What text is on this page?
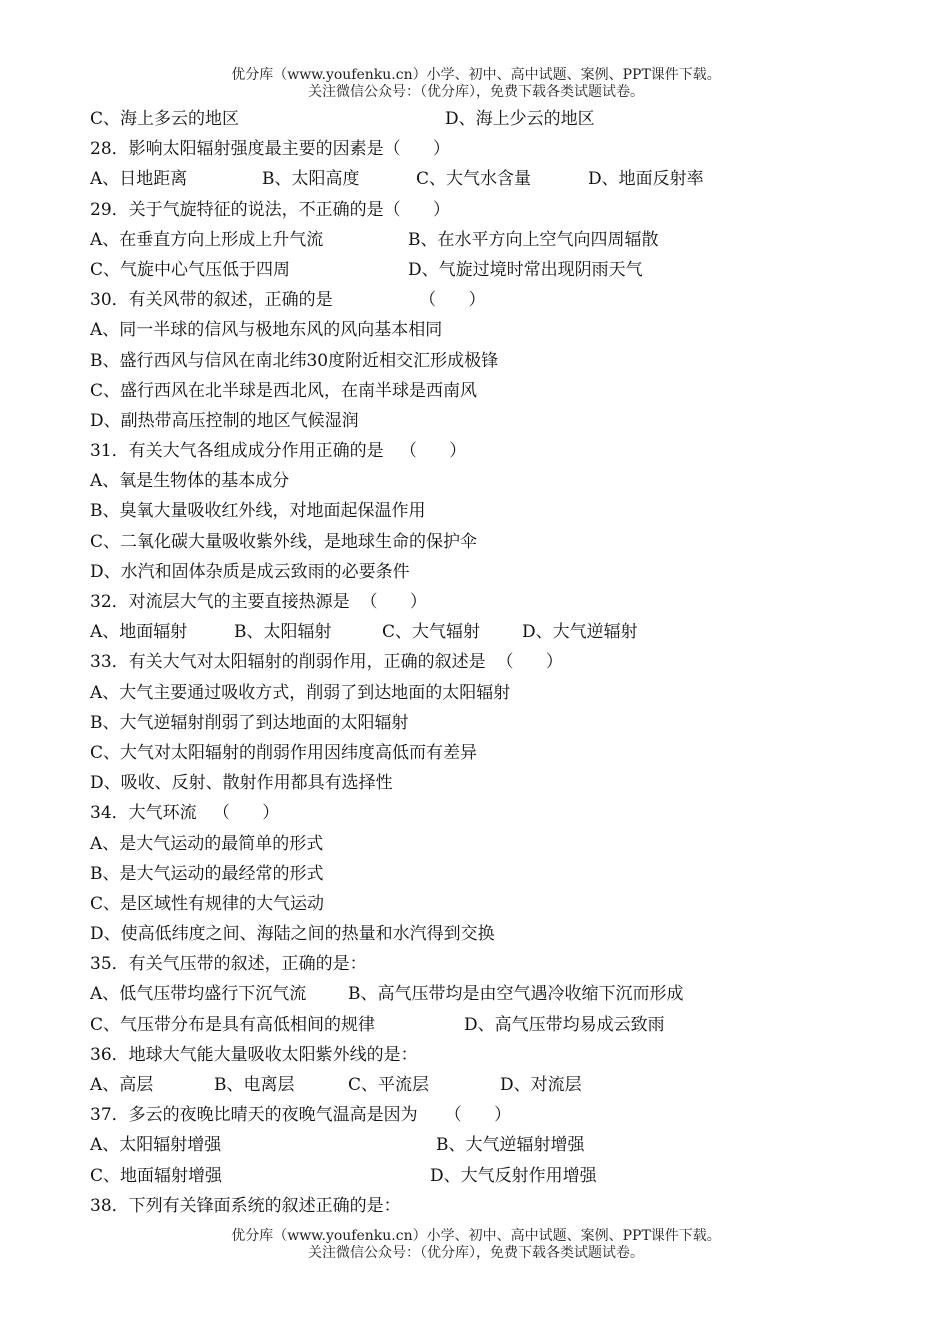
优分库（www.youfenku.cn）小学、初中、高中试题、案例、PPT课件下载。
关注微信公众号：（优分库），免费下载各类试题试卷。

C、海上多云的地区

	D、海上少云的地区

28．影响太阳辐射强度最主要的因素是（      ）

A、日地距离

	B、太阳高度

	C、大气水含量

	D、地面反射率

29．关于气旋特征的说法，不正确的是（      ）

A、在垂直方向上形成上升气流

	B、在水平方向上空气向四周辐散

C、气旋中心气压低于四周

	D、气旋过境时常出现阴雨天气

30．有关风带的叙述，正确的是                （      ）
A、同一半球的信风与极地东风的风向基本相同
B、盛行西风与信风在南北纬30度附近相交汇形成极锋
C、盛行西风在北半球是西北风，在南半球是西南风
D、副热带高压控制的地区气候湿润
31．有关大气各组成成分作用正确的是   （      ）
A、氧是生物体的基本成分
B、臭氧大量吸收红外线，对地面起保温作用
C、二氧化碳大量吸收紫外线，是地球生命的保护伞
D、水汽和固体杂质是成云致雨的必要条件
32．对流层大气的主要直接热源是  （      ）

A、地面辐射

	B、太阳辐射

	C、大气辐射

D、大气逆辐射

33．有关大气对太阳辐射的削弱作用，正确的叙述是  （      ）
A、大气主要通过吸收方式，削弱了到达地面的太阳辐射
B、大气逆辐射削弱了到达地面的太阳辐射
C、大气对太阳辐射的削弱作用因纬度高低而有差异
D、吸收、反射、散射作用都具有选择性
34．大气环流   （      ）
A、是大气运动的最简单的形式
B、是大气运动的最经常的形式
C、是区域性有规律的大气运动
D、使高低纬度之间、海陆之间的热量和水汽得到交换
35．有关气压带的叙述，正确的是：

A、低气压带均盛行下沉气流

B、高气压带均是由空气遇冷收缩下沉而形成

C、气压带分布是具有高低相间的规律

	D、高气压带均易成云致雨

36．地球大气能大量吸收太阳紫外线的是：

A、高层

	B、电离层

	C、平流层

	D、对流层

37．多云的夜晚比晴天的夜晚气温高是因为     （      ）

A、太阳辐射增强

	B、大气逆辐射增强

C、地面辐射增强

	D、大气反射作用增强

38．下列有关锋面系统的叙述正确的是：
优分库（www.youfenku.cn）小学、初中、高中试题、案例、PPT课件下载。
关注微信公众号：（优分库），免费下载各类试题试卷。
